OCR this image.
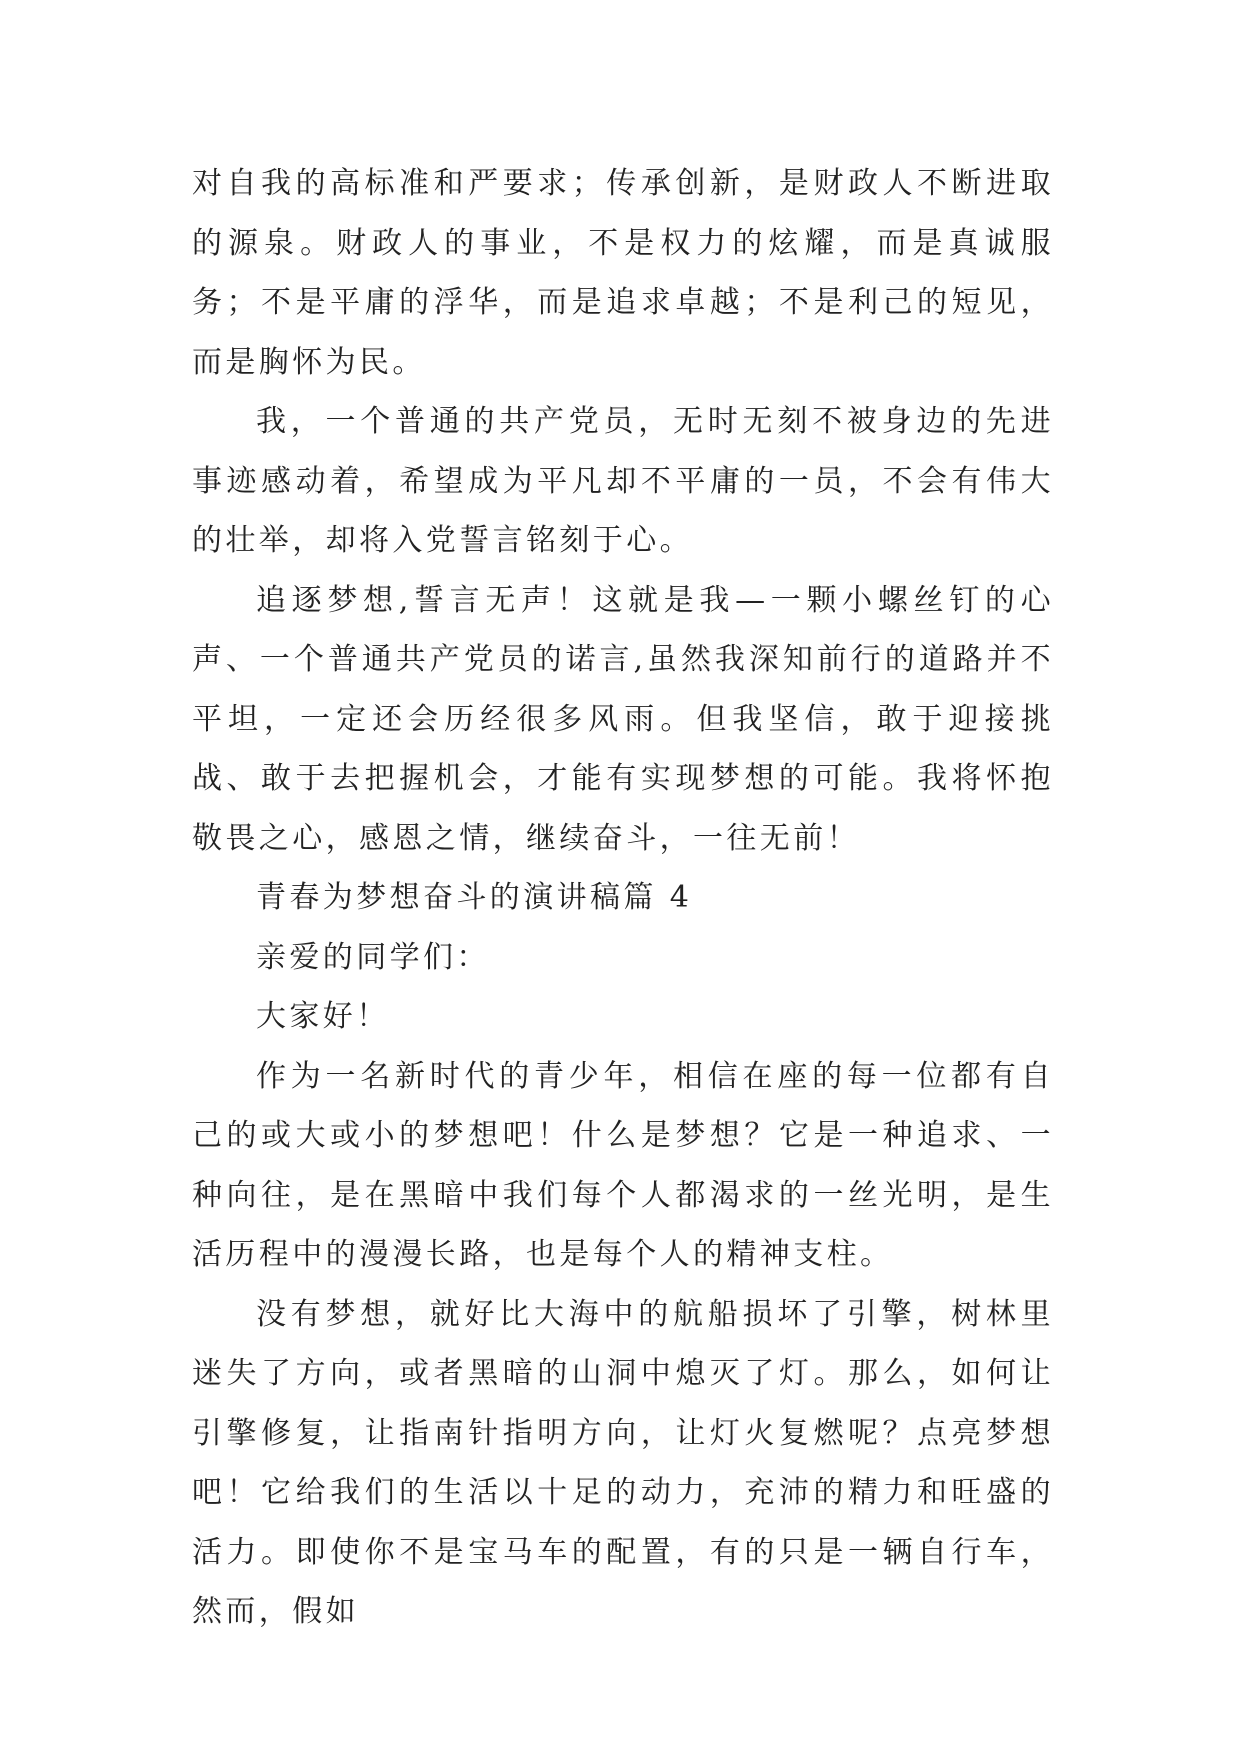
对自我的高标准和严要求；传承创新，是财政人不断进取的源泉。财政人的事业，不是权力的炫耀，而是真诚服务；不是平庸的浮华，而是追求卓越；不是利己的短见，而是胸怀为民。

我，一个普通的共产党员，无时无刻不被身边的先进事迹感动着，希望成为平凡却不平庸的一员，不会有伟大的壮举，却将入党誓言铭刻于心。

追逐梦想,誓言无声！这就是我—一颗小螺丝钉的心声、一个普通共产党员的诺言,虽然我深知前行的道路并不平坦，一定还会历经很多风雨。但我坚信，敢于迎接挑战、敢于去把握机会，才能有实现梦想的可能。我将怀抱敬畏之心，感恩之情，继续奋斗，一往无前！

青春为梦想奋斗的演讲稿篇 4

亲爱的同学们：

大家好！

作为一名新时代的青少年，相信在座的每一位都有自己的或大或小的梦想吧！什么是梦想？它是一种追求、一种向往，是在黑暗中我们每个人都渴求的一丝光明，是生活历程中的漫漫长路，也是每个人的精神支柱。

没有梦想，就好比大海中的航船损坏了引擎，树林里迷失了方向，或者黑暗的山洞中熄灭了灯。那么，如何让引擎修复，让指南针指明方向，让灯火复燃呢？点亮梦想吧！它给我们的生活以十足的动力，充沛的精力和旺盛的活力。即使你不是宝马车的配置，有的只是一辆自行车，然而，假如
